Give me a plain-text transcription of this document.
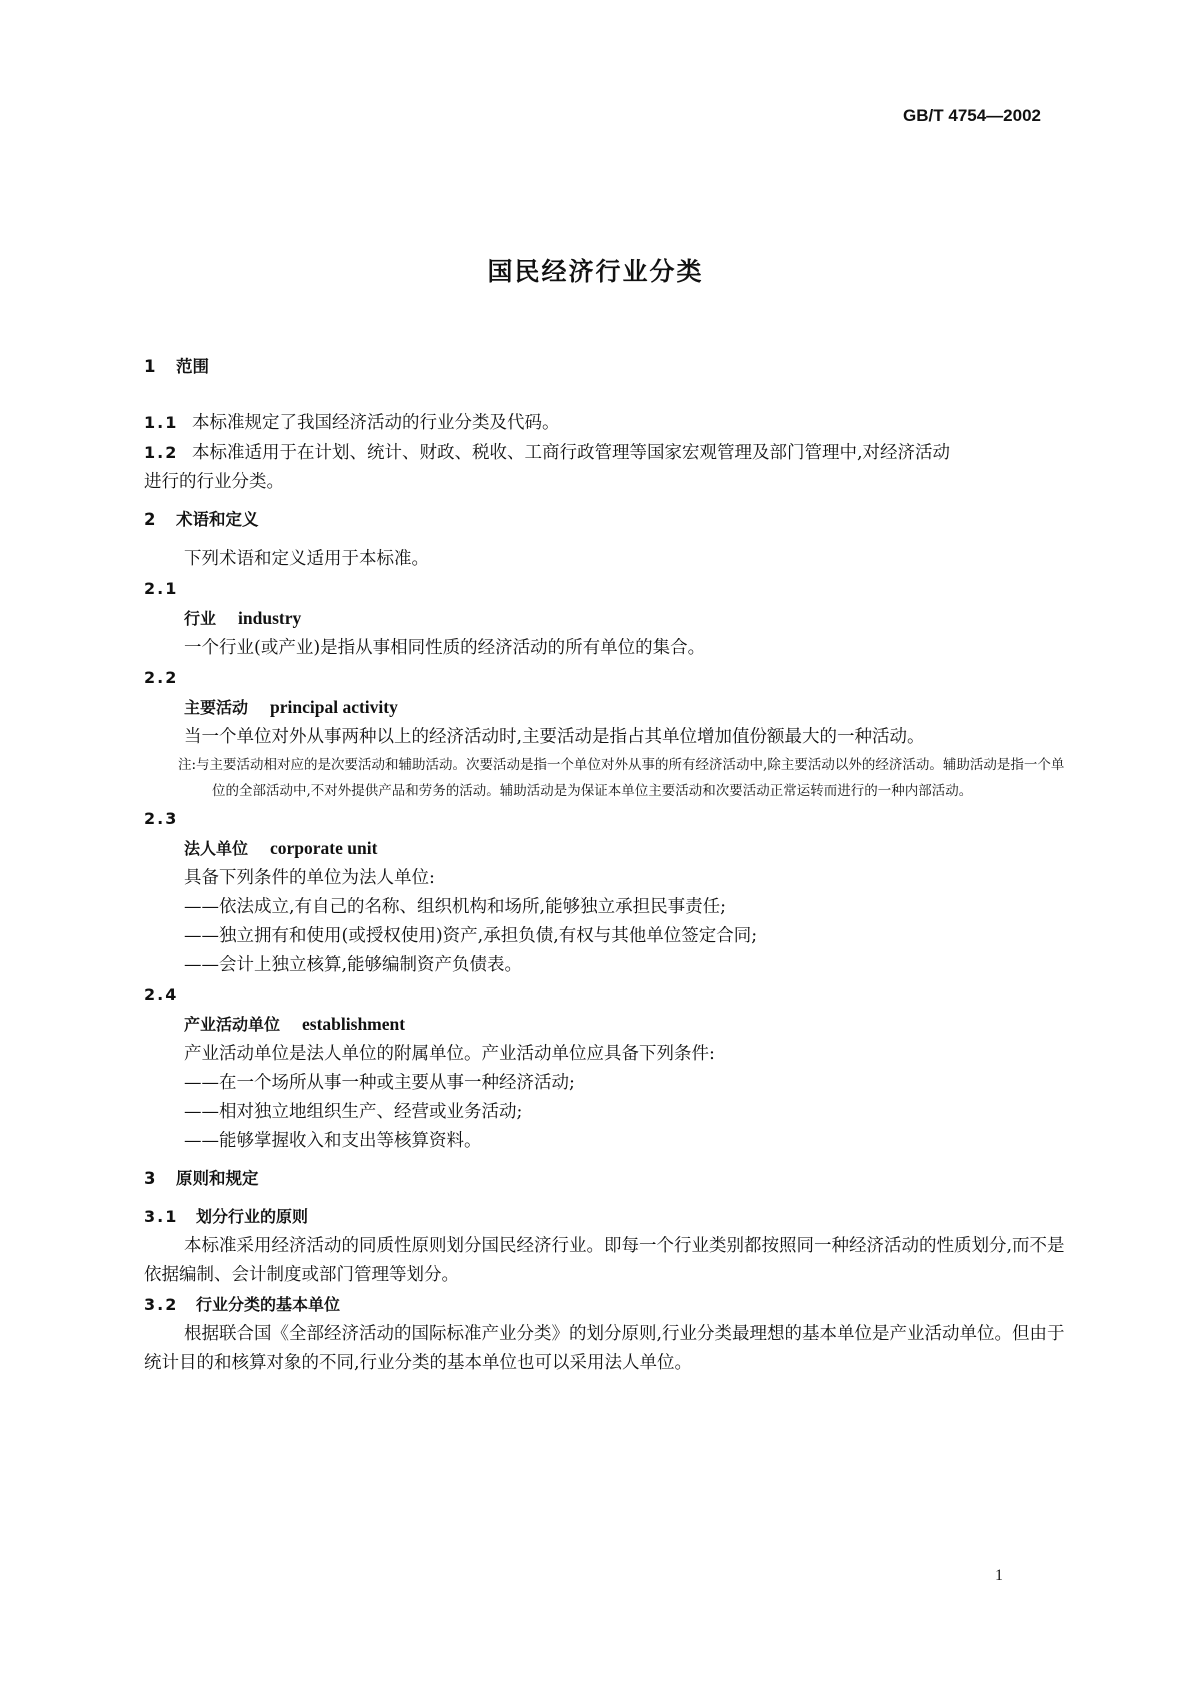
GB/T 4754—2002
国民经济行业分类
1 范围

1.1 本标准规定了我国经济活动的行业分类及代码。

1.2 本标准适用于在计划、统计、财政、税收、工商行政管理等国家宏观管理及部门管理中,对经济活动

进行的行业分类。

2 术语和定义

下列术语和定义适用于本标准。

2.1
行业 industry

一个行业(或产业)是指从事相同性质的经济活动的所有单位的集合。

2.2
主要活动 principal activity

当一个单位对外从事两种以上的经济活动时,主要活动是指占其单位增加值份额最大的一种活动。

注:与主要活动相对应的是次要活动和辅助活动。次要活动是指一个单位对外从事的所有经济活动中,除主要活动以外的经济活动。辅助活动是指一个单位的全部活动中,不对外提供产品和劳务的活动。辅助活动是为保证本单位主要活动和次要活动正常运转而进行的一种内部活动。

2.3
法人单位 corporate unit

具备下列条件的单位为法人单位:

——依法成立,有自己的名称、组织机构和场所,能够独立承担民事责任;

——独立拥有和使用(或授权使用)资产,承担负债,有权与其他单位签定合同;

——会计上独立核算,能够编制资产负债表。

2.4
产业活动单位 establishment

产业活动单位是法人单位的附属单位。产业活动单位应具备下列条件:

——在一个场所从事一种或主要从事一种经济活动;

——相对独立地组织生产、经营或业务活动;

——能够掌握收入和支出等核算资料。

3 原则和规定
3.1 划分行业的原则

本标准采用经济活动的同质性原则划分国民经济行业。即每一个行业类别都按照同一种经济活动的性质划分,而不是依据编制、会计制度或部门管理等划分。

3.2 行业分类的基本单位

根据联合国《全部经济活动的国际标准产业分类》的划分原则,行业分类最理想的基本单位是产业活动单位。但由于统计目的和核算对象的不同,行业分类的基本单位也可以采用法人单位。

1
